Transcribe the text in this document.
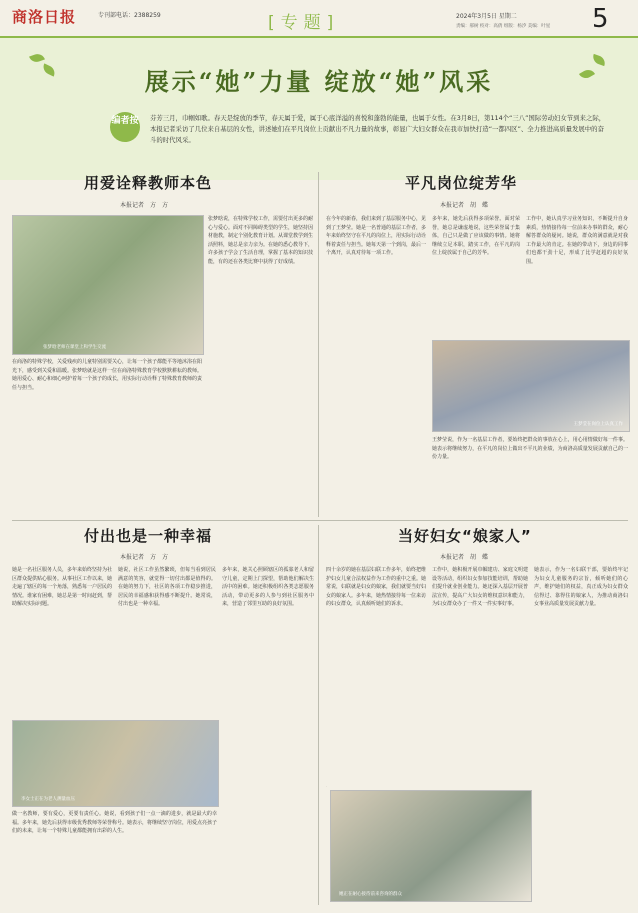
商洛日报	专刊部电话：2388259	[专题]	2024年3月5日 星期二
责编：郝树 校对：高倩 组版：杨汐 美编：叶星 5
展示“她”力量 绽放“她”风采
编者按 芬芳三月，巾帼如歌。春天是绽放的季节，春天属于爱，属于心底洋溢的喜悦和蓬勃的能量，也属于女性。在3月8日，第114个“三八”国际劳动妇女节到来之际，本报记者采访了几位来自基层的女性，讲述她们在平凡岗位上贡献出不凡力量的故事，彰显广大妇女群众在我市加快打造“一都四区”、全力推进高质量发展中的奋斗的时代风采。
用爱诠释教师本色
本报记者　方　方
张梦晗老师在课堂上和学生交流
在商洛的特殊学校，关爱残疾的儿童特别需要关心，让每一个孩子都能平等地沐浴在阳光下，感受到关爱和温暖。张梦晗就是这样一位在商洛特殊教育学校默默耕耘的教师。她用爱心、耐心和细心呵护着每一个孩子的成长，用实际行动诠释了特殊教育教师的责任与担当。
张梦晗说，在特殊学校工作，需要付出更多的耐心与爱心。面对不同障碍类型的学生，她坚持因材施教，制定个别化教育计划。从课堂教学到生活照料，她总是亲力亲为。在她的悉心教导下，许多孩子学会了生活自理，掌握了基本的知识技能，有的还在各类比赛中获得了好成绩。
平凡岗位绽芳华
本报记者　胡　蝶
在今年的新春，我们来到了基层服务中心，见到了王梦莹。她是一名普通的基层工作者，多年来始终坚守在平凡的岗位上，用实际行动诠释着责任与担当。她每天第一个到岗，最后一个离开，认真对待每一项工作。
多年来，她先后获得多项荣誉。面对荣誉，她总是谦虚地说，这些荣誉属于集体，自己只是做了应该做的事情。她将继续立足本职，踏实工作，在平凡的岗位上绽放属于自己的芳华。
王梦莹在岗位上认真工作
工作中，她认真学习业务知识，不断提升自身素质，热情接待每一位前来办事的群众，耐心解答群众的疑问。她说，群众的满意就是对我工作最大的肯定。在她的带动下，身边的同事们也都干劲十足，形成了比学赶超的良好氛围。
王梦莹说，作为一名基层工作者，要始终把群众的事放在心上，用心用情做好每一件事。她表示将继续努力，在平凡的岗位上做出不平凡的业绩，为商洛高质量发展贡献自己的一份力量。
付出也是一种幸福
本报记者　方　方
她是一名社区服务人员，多年来始终坚持为社区群众提供贴心服务。从事社区工作以来，她走遍了辖区的每一个角落，熟悉每一户居民的情况。谁家有困难，她总是第一时间赶到，帮助解决实际问题。
她说，社区工作虽然繁琐，但每当看到居民满意的笑容，就觉得一切付出都是值得的。在她的努力下，社区的各项工作稳步推进，居民的幸福感和获得感不断提升。她常说，付出也是一种幸福。
多年来，她关心照顾辖区的孤寡老人和留守儿童，定期上门探望，帮助他们解决生活中的困难。她还积极组织各类志愿服务活动，带动更多的人参与到社区服务中来，营造了邻里互助的良好氛围。
李女士正在为老人测量血压
做一名教师，要有爱心，更要有责任心。她说，看到孩子们一点一滴的进步，就是最大的幸福。多年来，她先后获得市级优秀教师等荣誉称号。她表示，将继续坚守岗位，用爱点亮孩子们的未来，让每一个特殊儿童都能拥有出彩的人生。
当好妇女“娘家人”
本报记者　胡　蝶
四十余岁的她在基层妇联工作多年，始终把维护妇女儿童合法权益作为工作的重中之重。她常说，妇联就是妇女的娘家，我们就要当好妇女的娘家人。多年来，她热情接待每一位来访的妇女群众，认真倾听她们的诉求。
工作中，她积极开展巾帼建功、家庭文明建设等活动，组织妇女参加技能培训，帮助她们提升就业创业能力。她还深入基层开展普法宣传，提高广大妇女的维权意识和能力，为妇女群众办了一件又一件实事好事。
她表示，作为一名妇联干部，要始终牢记为妇女儿童服务的宗旨，倾听她们的心声，维护她们的权益，真正成为妇女群众信得过、靠得住的娘家人，为推动商洛妇女事业高质量发展贡献力量。
她正在耐心接待前来咨询的群众
